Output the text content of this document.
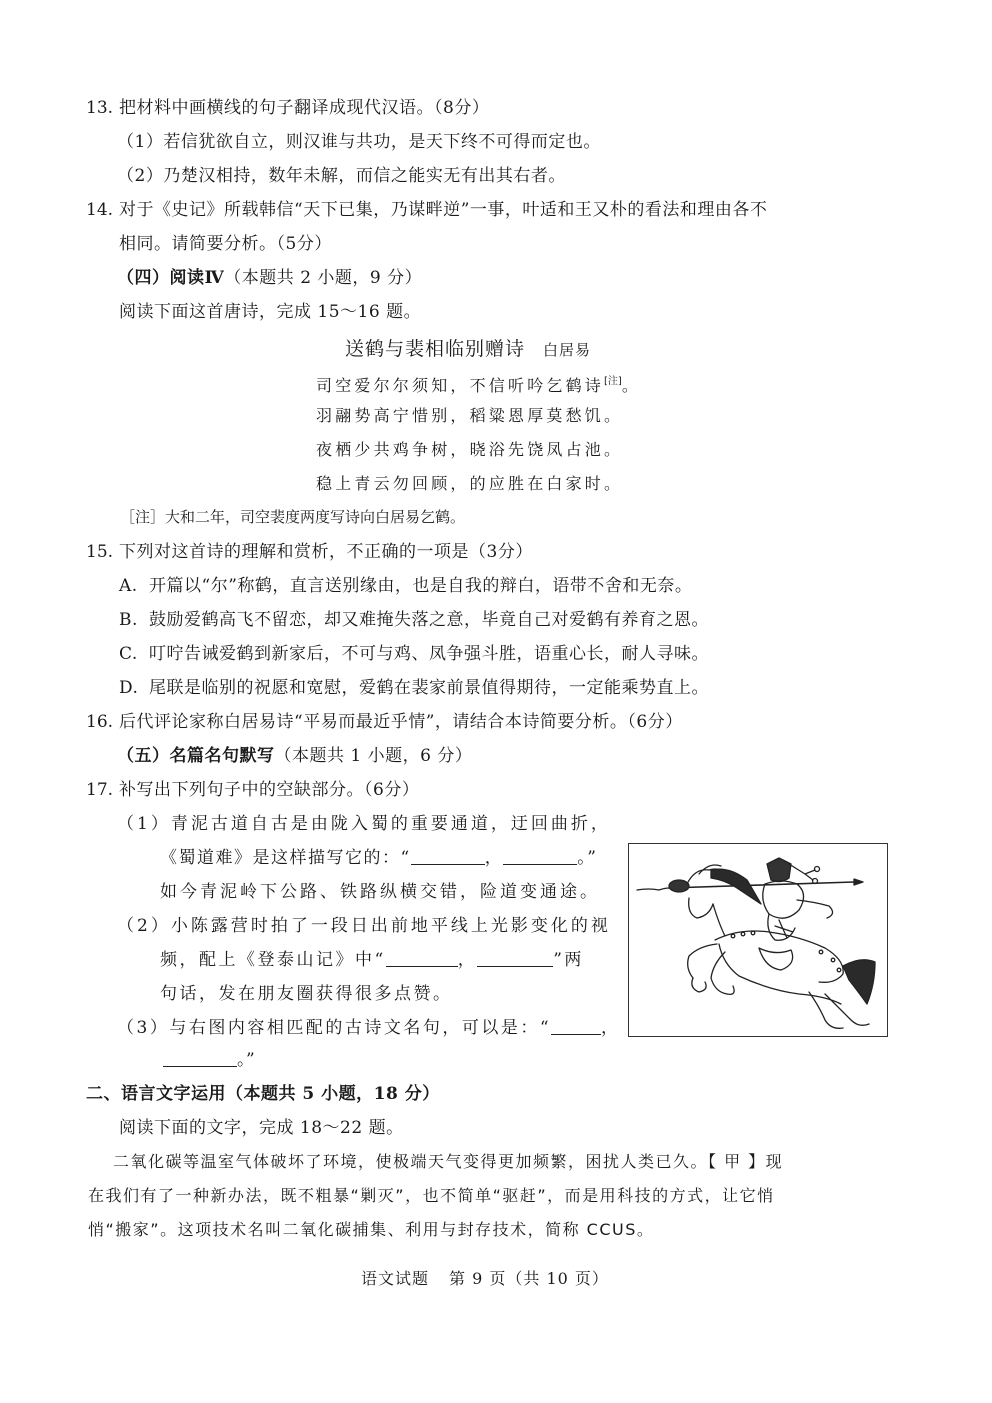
13. 把材料中画横线的句子翻译成现代汉语。（8分）
（1）若信犹欲自立，则汉谁与共功，是天下终不可得而定也。
（2）乃楚汉相持，数年未解，而信之能实无有出其右者。
14. 对于《史记》所载韩信“天下已集，乃谋畔逆”一事，叶适和王又朴的看法和理由各不
相同。请简要分析。（5分）
（四）阅读Ⅳ（本题共 2 小题，9 分）
阅读下面这首唐诗，完成 15～16 题。
送鹤与裴相临别赠诗 白居易
司空爱尔尔须知，不信听吟乞鹤诗[注]。
羽翮势高宁惜别，稻粱恩厚莫愁饥。
夜栖少共鸡争树，晓浴先饶凤占池。
稳上青云勿回顾，的应胜在白家时。
［注］大和二年，司空裴度两度写诗向白居易乞鹤。
15. 下列对这首诗的理解和赏析，不正确的一项是（3分）
A. 开篇以“尔”称鹤，直言送别缘由，也是自我的辩白，语带不舍和无奈。
B. 鼓励爱鹤高飞不留恋，却又难掩失落之意，毕竟自己对爱鹤有养育之恩。
C. 叮咛告诫爱鹤到新家后，不可与鸡、凤争强斗胜，语重心长，耐人寻味。
D. 尾联是临别的祝愿和宽慰，爱鹤在裴家前景值得期待，一定能乘势直上。
16. 后代评论家称白居易诗“平易而最近乎情”，请结合本诗简要分析。（6分）
（五）名篇名句默写（本题共 1 小题，6 分）
17. 补写出下列句子中的空缺部分。（6分）
（1）青泥古道自古是由陇入蜀的重要通道，迂回曲折，
《蜀道难》是这样描写它的：“	，	。”
如今青泥岭下公路、铁路纵横交错，险道变通途。
（2）小陈露营时拍了一段日出前地平线上光影变化的视
频，配上《登泰山记》中“	，	”两
句话，发在朋友圈获得很多点赞。
（3）与右图内容相匹配的古诗文名句，可以是：“	，
。”
二、语言文字运用（本题共 5 小题，18 分）
阅读下面的文字，完成 18～22 题。
二氧化碳等温室气体破坏了环境，使极端天气变得更加频繁，困扰人类已久。【 甲 】现
在我们有了一种新办法，既不粗暴“剿灭”，也不简单“驱赶”，而是用科技的方式，让它悄
悄“搬家”。这项技术名叫二氧化碳捕集、利用与封存技术，简称 CCUS。
语文试题 第 9 页（共 10 页）
